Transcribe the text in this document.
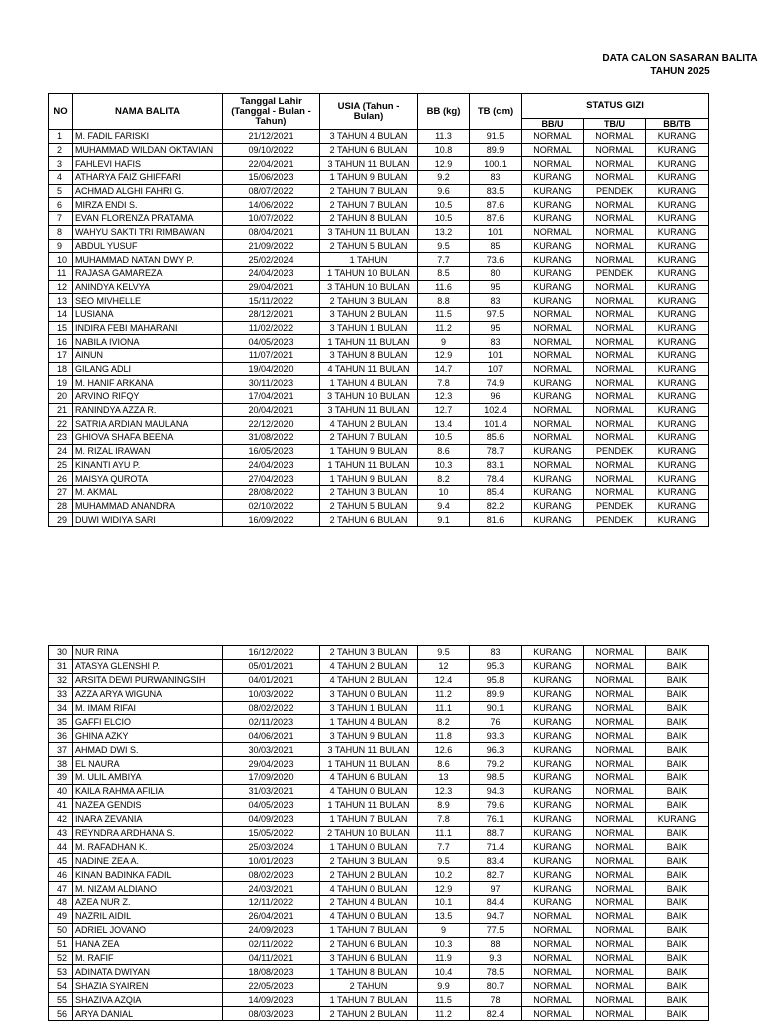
DATA CALON SASARAN BALITA
TAHUN 2025
NO	NAMA BALITA	Tanggal Lahir (Tanggal - Bulan - Tahun)	USIA (Tahun - Bulan)	BB (kg)	TB (cm)	STATUS GIZI		
						BB/U	TB/U	BB/TB
1	M. FADIL FARISKI	21/12/2021	3 TAHUN 4 BULAN	11.3	91.5	NORMAL	NORMAL	KURANG
2	MUHAMMAD WILDAN OKTAVIAN	09/10/2022	2 TAHUN 6 BULAN	10.8	89.9	NORMAL	NORMAL	KURANG
3	FAHLEVI HAFIS	22/04/2021	3 TAHUN 11 BULAN	12.9	100.1	NORMAL	NORMAL	KURANG
4	ATHARYA FAIZ GHIFFARI	15/06/2023	1 TAHUN 9 BULAN	9.2	83	KURANG	NORMAL	KURANG
5	ACHMAD ALGHI FAHRI G.	08/07/2022	2 TAHUN 7 BULAN	9.6	83.5	KURANG	PENDEK	KURANG
6	MIRZA ENDI S.	14/06/2022	2 TAHUN 7 BULAN	10.5	87.6	KURANG	NORMAL	KURANG
7	EVAN FLORENZA PRATAMA	10/07/2022	2 TAHUN 8 BULAN	10.5	87.6	KURANG	NORMAL	KURANG
8	WAHYU SAKTI TRI RIMBAWAN	08/04/2021	3 TAHUN 11 BULAN	13.2	101	NORMAL	NORMAL	KURANG
9	ABDUL YUSUF	21/09/2022	2 TAHUN 5 BULAN	9.5	85	KURANG	NORMAL	KURANG
10	MUHAMMAD NATAN DWY P.	25/02/2024	1 TAHUN	7.7	73.6	KURANG	NORMAL	KURANG
11	RAJASA GAMAREZA	24/04/2023	1 TAHUN 10 BULAN	8.5	80	KURANG	PENDEK	KURANG
12	ANINDYA KELVYA	29/04/2021	3 TAHUN 10 BULAN	11.6	95	KURANG	NORMAL	KURANG
13	SEO MIVHELLE	15/11/2022	2 TAHUN 3 BULAN	8.8	83	KURANG	NORMAL	KURANG
14	LUSIANA	28/12/2021	3 TAHUN 2 BULAN	11.5	97.5	NORMAL	NORMAL	KURANG
15	INDIRA FEBI MAHARANI	11/02/2022	3 TAHUN 1 BULAN	11.2	95	NORMAL	NORMAL	KURANG
16	NABILA IVIONA	04/05/2023	1 TAHUN 11 BULAN	9	83	NORMAL	NORMAL	KURANG
17	AINUN	11/07/2021	3 TAHUN 8 BULAN	12.9	101	NORMAL	NORMAL	KURANG
18	GILANG ADLI	19/04/2020	4 TAHUN 11 BULAN	14.7	107	NORMAL	NORMAL	KURANG
19	M. HANIF ARKANA	30/11/2023	1 TAHUN 4 BULAN	7.8	74.9	KURANG	NORMAL	KURANG
20	ARVINO RIFQY	17/04/2021	3 TAHUN 10 BULAN	12.3	96	KURANG	NORMAL	KURANG
21	RANINDYA AZZA R.	20/04/2021	3 TAHUN 11 BULAN	12.7	102.4	NORMAL	NORMAL	KURANG
22	SATRIA ARDIAN MAULANA	22/12/2020	4 TAHUN 2 BULAN	13.4	101.4	NORMAL	NORMAL	KURANG
23	GHIOVA SHAFA BEENA	31/08/2022	2 TAHUN 7 BULAN	10.5	85.6	NORMAL	NORMAL	KURANG
24	M. RIZAL IRAWAN	16/05/2023	1 TAHUN 9 BULAN	8.6	78.7	KURANG	PENDEK	KURANG
25	KINANTI AYU P.	24/04/2023	1 TAHUN 11 BULAN	10.3	83.1	NORMAL	NORMAL	KURANG
26	MAISYA QUROTA	27/04/2023	1 TAHUN 9 BULAN	8.2	78.4	KURANG	NORMAL	KURANG
27	M. AKMAL	28/08/2022	2 TAHUN 3 BULAN	10	85.4	KURANG	NORMAL	KURANG
28	MUHAMMAD ANANDRA	02/10/2022	2 TAHUN 5 BULAN	9.4	82.2	KURANG	PENDEK	KURANG
29	DUWI WIDIYA SARI	16/09/2022	2 TAHUN 6 BULAN	9.1	81.6	KURANG	PENDEK	KURANG
30	NUR RINA	16/12/2022	2 TAHUN 3 BULAN	9.5	83	KURANG	NORMAL	BAIK
31	ATASYA GLENSHI P.	05/01/2021	4 TAHUN 2 BULAN	12	95.3	KURANG	NORMAL	BAIK
32	ARSITA DEWI PURWANINGSIH	04/01/2021	4 TAHUN 2 BULAN	12.4	95.8	KURANG	NORMAL	BAIK
33	AZZA ARYA WIGUNA	10/03/2022	3 TAHUN 0 BULAN	11.2	89.9	KURANG	NORMAL	BAIK
34	M. IMAM RIFAI	08/02/2022	3 TAHUN 1 BULAN	11.1	90.1	KURANG	NORMAL	BAIK
35	GAFFI ELCIO	02/11/2023	1 TAHUN 4 BULAN	8.2	76	KURANG	NORMAL	BAIK
36	GHINA AZKY	04/06/2021	3 TAHUN 9 BULAN	11.8	93.3	KURANG	NORMAL	BAIK
37	AHMAD DWI S.	30/03/2021	3 TAHUN 11 BULAN	12.6	96.3	KURANG	NORMAL	BAIK
38	EL NAURA	29/04/2023	1 TAHUN 11 BULAN	8.6	79.2	KURANG	NORMAL	BAIK
39	M. ULIL AMBIYA	17/09/2020	4 TAHUN 6 BULAN	13	98.5	KURANG	NORMAL	BAIK
40	KAILA RAHMA AFILIA	31/03/2021	4 TAHUN 0 BULAN	12.3	94.3	KURANG	NORMAL	BAIK
41	NAZEA GENDIS	04/05/2023	1 TAHUN 11 BULAN	8.9	79.6	KURANG	NORMAL	BAIK
42	INARA ZEVANIA	04/09/2023	1 TAHUN 7 BULAN	7.8	76.1	KURANG	NORMAL	KURANG
43	REYNDRA ARDHANA S.	15/05/2022	2 TAHUN 10 BULAN	11.1	88.7	KURANG	NORMAL	BAIK
44	M. RAFADHAN K.	25/03/2024	1 TAHUN 0 BULAN	7.7	71.4	KURANG	NORMAL	BAIK
45	NADINE ZEA A.	10/01/2023	2 TAHUN 3 BULAN	9.5	83.4	KURANG	NORMAL	BAIK
46	KINAN BADINKA FADIL	08/02/2023	2 TAHUN 2 BULAN	10.2	82.7	KURANG	NORMAL	BAIK
47	M. NIZAM ALDIANO	24/03/2021	4 TAHUN 0 BULAN	12.9	97	KURANG	NORMAL	BAIK
48	AZEA NUR Z.	12/11/2022	2 TAHUN 4 BULAN	10.1	84.4	KURANG	NORMAL	BAIK
49	NAZRIL AIDIL	26/04/2021	4 TAHUN 0 BULAN	13.5	94.7	NORMAL	NORMAL	BAIK
50	ADRIEL JOVANO	24/09/2023	1 TAHUN 7 BULAN	9	77.5	NORMAL	NORMAL	BAIK
51	HANA ZEA	02/11/2022	2 TAHUN 6 BULAN	10.3	88	NORMAL	NORMAL	BAIK
52	M. RAFIF	04/11/2021	3 TAHUN 6 BULAN	11.9	9.3	NORMAL	NORMAL	BAIK
53	ADINATA DWIYAN	18/08/2023	1 TAHUN 8 BULAN	10.4	78.5	NORMAL	NORMAL	BAIK
54	SHAZIA SYAIREN	22/05/2023	2 TAHUN	9.9	80.7	NORMAL	NORMAL	BAIK
55	SHAZIVA AZQIA	14/09/2023	1 TAHUN 7 BULAN	11.5	78	NORMAL	NORMAL	BAIK
56	ARYA DANIAL	08/03/2023	2 TAHUN 2 BULAN	11.2	82.4	NORMAL	NORMAL	BAIK
